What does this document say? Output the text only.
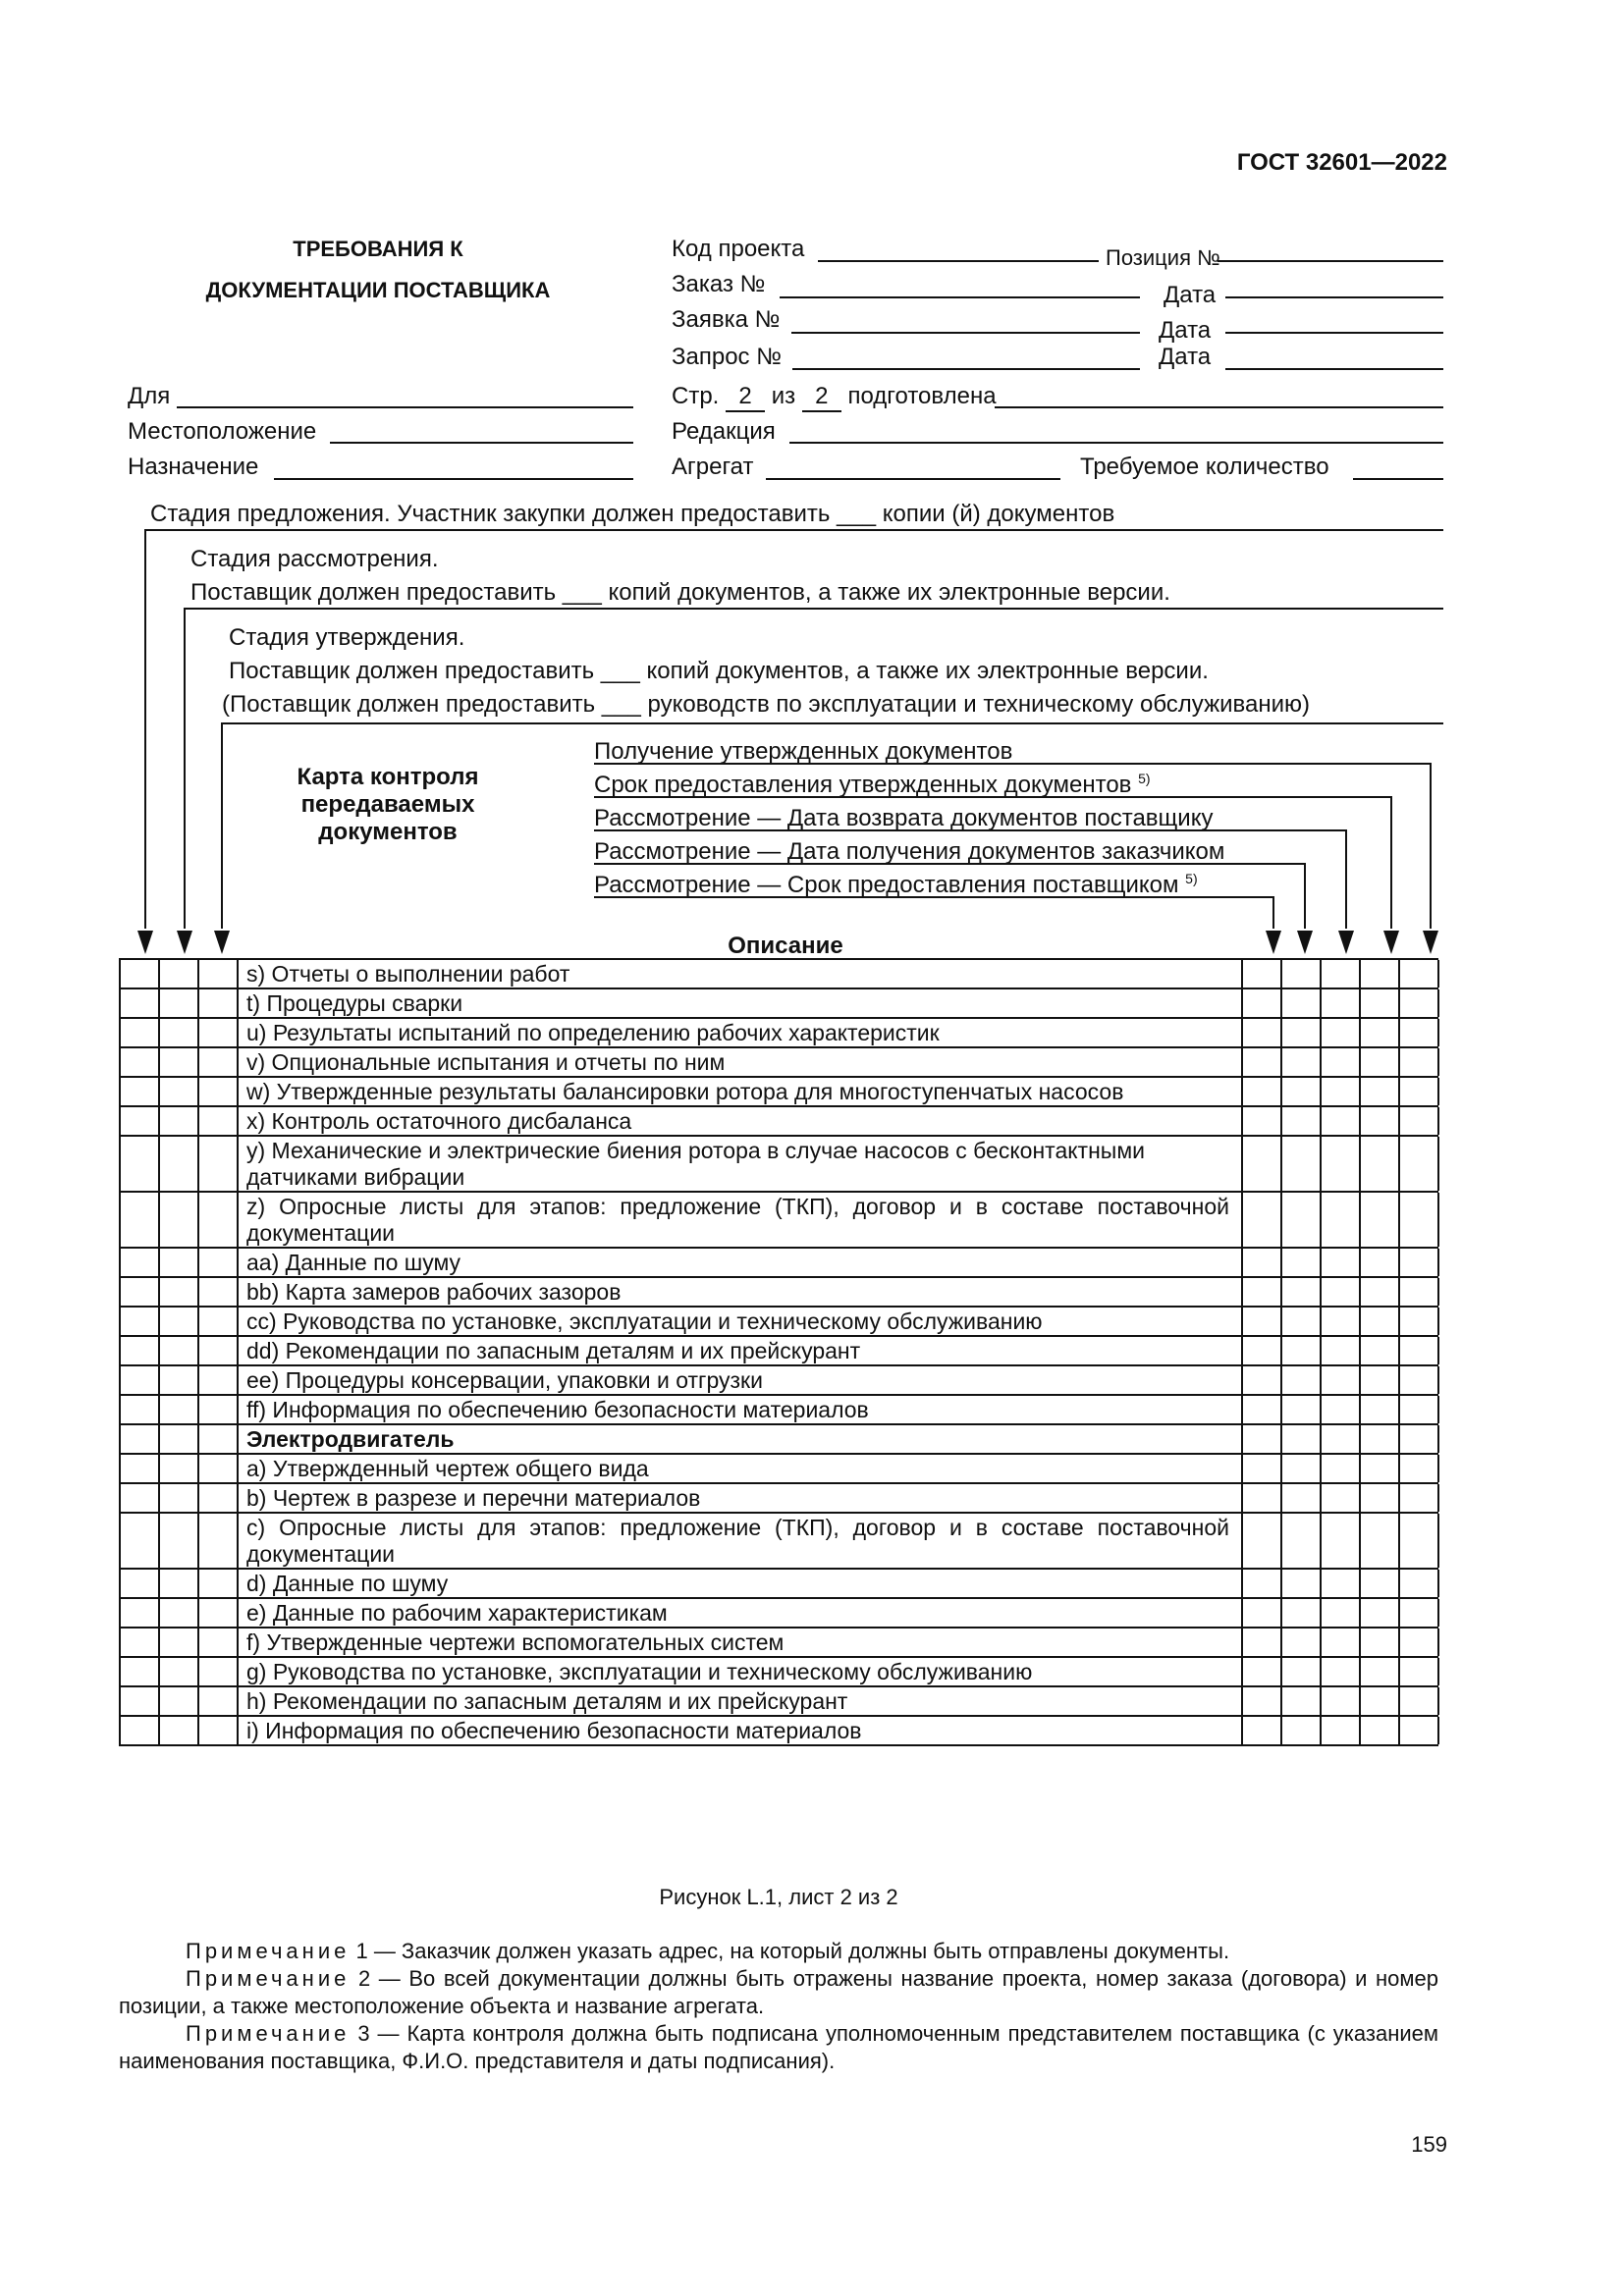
ГОСТ 32601—2022
ТРЕБОВАНИЯ К
ДОКУМЕНТАЦИИ ПОСТАВЩИКА
Код проекта	Позиция №
Заказ №	Дата
Заявка №	Дата
Запрос №	Дата
Для
Местоположение
Назначение
Стр. 2 из 2 подготовлена
Редакция
Агрегат	Требуемое количество
Стадия предложения. Участник закупки должен предоставить ___ копии (й) документов
Стадия рассмотрения.
Поставщик должен предоставить ___ копий документов, а также их электронные версии.
Стадия утверждения.
Поставщик должен предоставить ___ копий документов, а также их электронные версии.
(Поставщик должен предоставить ___ руководств по эксплуатации и техническому обслуживанию)
Карта контроля
передаваемых
документов
Получение утвержденных документов
Срок предоставления утвержденных документов $^{5)}$
Рассмотрение — Дата возврата документов поставщику
Рассмотрение — Дата получения документов заказчиком
Рассмотрение — Срок предоставления поставщиком $^{5)}$
Описание
s) Отчеты о выполнении работ
t) Процедуры сварки
u) Результаты испытаний по определению рабочих характеристик
v) Опциональные испытания и отчеты по ним
w) Утвержденные результаты балансировки ротора для многоступенчатых насосов
x) Контроль остаточного дисбаланса
y) Механические и электрические биения ротора в случае насосов с бесконтактными датчиками вибрации
z) Опросные листы для этапов: предложение (ТКП), договор и в составе поставочной документации
aa) Данные по шуму
bb) Карта замеров рабочих зазоров
cc) Руководства по установке, эксплуатации и техническому обслуживанию
dd) Рекомендации по запасным деталям и их прейскурант
ee) Процедуры консервации, упаковки и отгрузки
ff) Информация по обеспечению безопасности материалов
Электродвигатель
a) Утвержденный чертеж общего вида
b) Чертеж в разрезе и перечни материалов
c) Опросные листы для этапов: предложение (ТКП), договор и в составе поставочной документации
d) Данные по шуму
e) Данные по рабочим характеристикам
f) Утвержденные чертежи вспомогательных систем
g) Руководства по установке, эксплуатации и техническому обслуживанию
h) Рекомендации по запасным деталям и их прейскурант
i) Информация по обеспечению безопасности материалов
Рисунок L.1, лист 2 из 2
Примечание 1 — Заказчик должен указать адрес, на который должны быть отправлены документы.
Примечание 2 — Во всей документации должны быть отражены название проекта, номер заказа (договора) и номер позиции, а также местоположение объекта и название агрегата.
Примечание 3 — Карта контроля должна быть подписана уполномоченным представителем поставщика (с указанием наименования поставщика, Ф.И.О. представителя и даты подписания).
159
